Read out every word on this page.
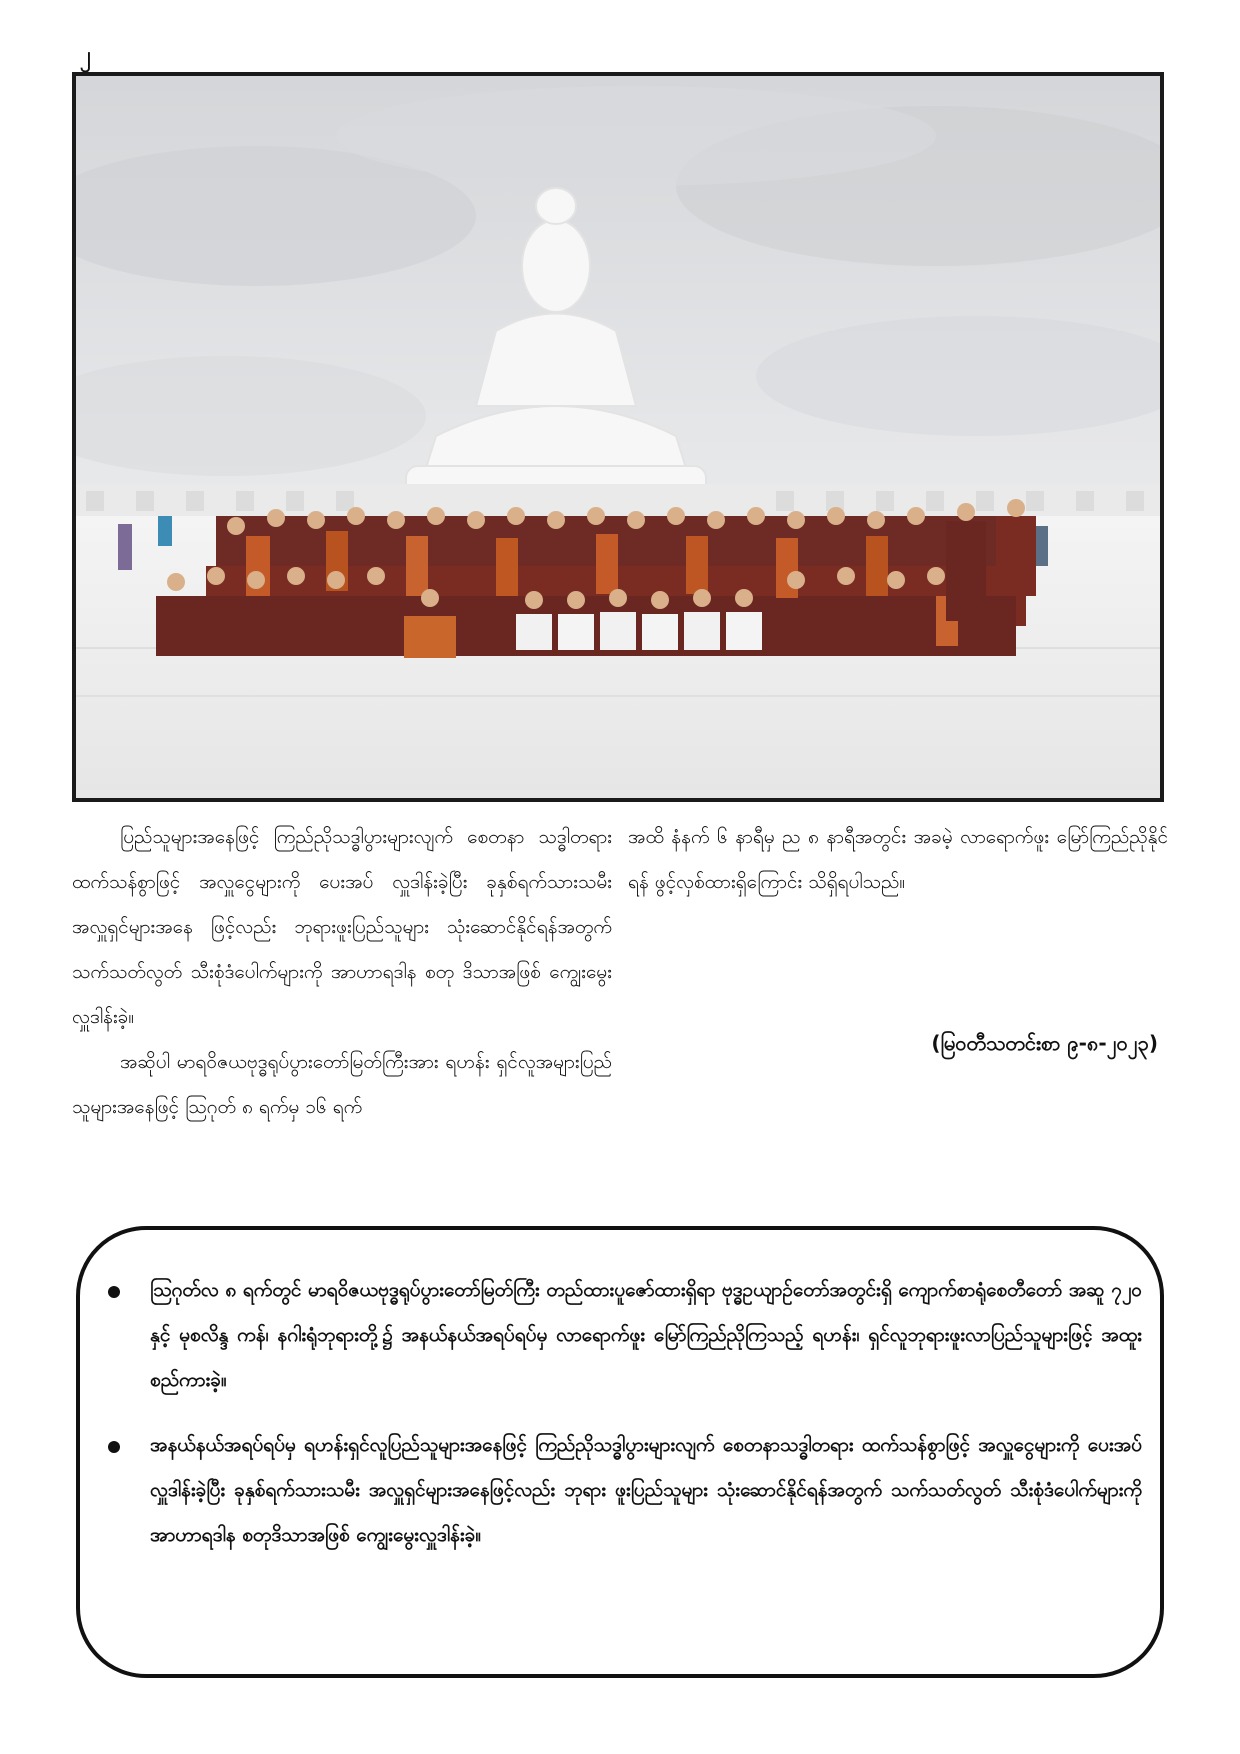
၂

ပြည်သူများအနေဖြင့် ကြည်ညိုသဒ္ဓါပွားများလျက် စေတနာ သဒ္ဓါတရားထက်သန်စွာဖြင့် အလှူငွေများကို ပေးအပ် လှူဒါန်းခဲ့ပြီး ခုနှစ်ရက်သားသမီး အလှူရှင်များအနေ ဖြင့်လည်း ဘုရားဖူးပြည်သူများ သုံးဆောင်နိုင်ရန်အတွက် သက်သတ်လွတ် သီးစုံဒံပေါက်များကို အာဟာရဒါန စတု ဒိသာအဖြစ် ကျွေးမွေးလှူဒါန်းခဲ့။

အဆိုပါ မာရဝိဇယဗုဒ္ဓရုပ်ပွားတော်မြတ်ကြီးအား ရဟန်း ရှင်လူအများပြည်သူများအနေဖြင့် ဩဂုတ် ၈ ရက်မှ ၁၆ ရက်

အထိ နံနက် ၆ နာရီမှ ည ၈ နာရီအတွင်း အခမဲ့ လာရောက်ဖူး မြော်ကြည်ညိုနိုင်ရန် ဖွင့်လှစ်ထားရှိကြောင်း သိရှိရပါသည်။

(မြဝတီသတင်းစာ ၉-၈-၂၀၂၃)
ဩဂုတ်လ ၈ ရက်တွင် မာရဝိဇယဗုဒ္ဓရုပ်ပွားတော်မြတ်ကြီး တည်ထားပူဇော်ထားရှိရာ ဗုဒ္ဓဥယျာဉ်တော်အတွင်းရှိ ကျောက်စာရုံစေတီတော် အဆူ ၇၂၀ နှင့် မုစလိန္ဒ ကန်၊ နဂါးရုံဘုရားတို့၌ အနယ်နယ်အရပ်ရပ်မှ လာရောက်ဖူး မြော်ကြည်ညိုကြသည့် ရဟန်း၊ ရှင်လူဘုရားဖူးလာပြည်သူများဖြင့် အထူးစည်ကားခဲ့။
အနယ်နယ်အရပ်ရပ်မှ ရဟန်းရှင်လူပြည်သူများအနေဖြင့် ကြည်ညိုသဒ္ဓါပွားများလျက် စေတနာသဒ္ဓါတရား ထက်သန်စွာဖြင့် အလှူငွေများကို ပေးအပ်လှူဒါန်းခဲ့ပြီး ခုနှစ်ရက်သားသမီး အလှူရှင်များအနေဖြင့်လည်း ဘုရား ဖူးပြည်သူများ သုံးဆောင်နိုင်ရန်အတွက် သက်သတ်လွတ် သီးစုံဒံပေါက်များကို အာဟာရဒါန စတုဒိသာအဖြစ် ကျွေးမွေးလှူဒါန်းခဲ့။
